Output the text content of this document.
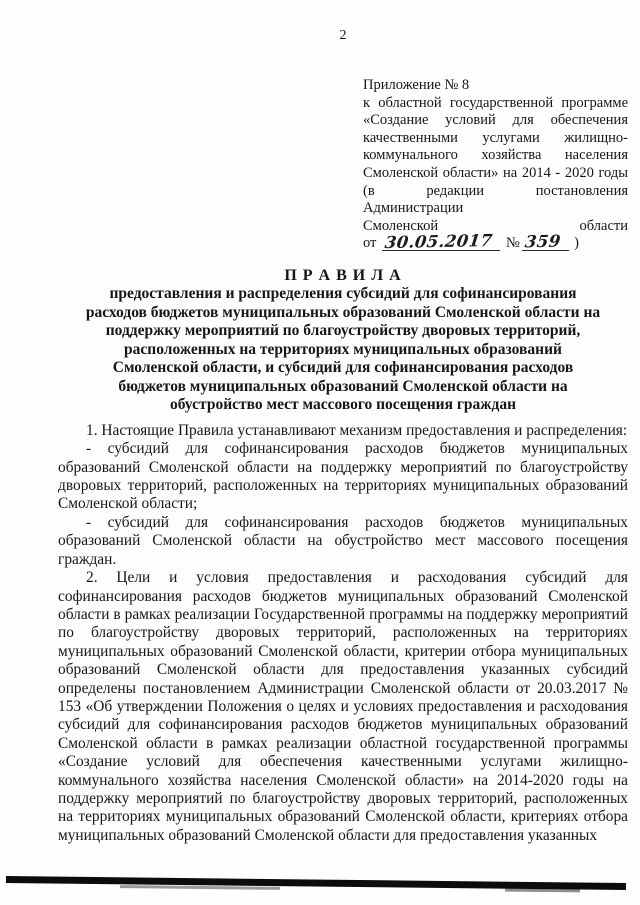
2
Приложение № 8
к областной государственной программе
«Создание условий для обеспечения
качественными услугами жилищно-
коммунального хозяйства населения
Смоленской области» на 2014 - 2020 годы
(в редакции постановления Администрации
Смоленской области
от 30.05.2017 № 359 )
П Р А В И Л А
предоставления и распределения субсидий для софинансирования расходов бюджетов муниципальных образований Смоленской области на поддержку мероприятий по благоустройству дворовых территорий, расположенных на территориях муниципальных образований Смоленской области, и субсидий для софинансирования расходов бюджетов муниципальных образований Смоленской области на обустройство мест массового посещения граждан

1. Настоящие Правила устанавливают механизм предоставления и распределения:

- субсидий для софинансирования расходов бюджетов муниципальных образований Смоленской области на поддержку мероприятий по благоустройству дворовых территорий, расположенных на территориях муниципальных образований Смоленской области;

- субсидий для софинансирования расходов бюджетов муниципальных образований Смоленской области на обустройство мест массового посещения граждан.

2. Цели и условия предоставления и расходования субсидий для софинансирования расходов бюджетов муниципальных образований Смоленской области в рамках реализации Государственной программы на поддержку мероприятий по благоустройству дворовых территорий, расположенных на территориях муниципальных образований Смоленской области, критерии отбора муниципальных образований Смоленской области для предоставления указанных субсидий определены постановлением Администрации Смоленской области от 20.03.2017 № 153 «Об утверждении Положения о целях и условиях предоставления и расходования субсидий для софинансирования расходов бюджетов муниципальных образований Смоленской области в рамках реализации областной государственной программы «Создание условий для обеспечения качественными услугами жилищно-коммунального хозяйства населения Смоленской области» на 2014-2020 годы на поддержку мероприятий по благоустройству дворовых территорий, расположенных на территориях муниципальных образований Смоленской области, критериях отбора муниципальных образований Смоленской области для предоставления указанных
